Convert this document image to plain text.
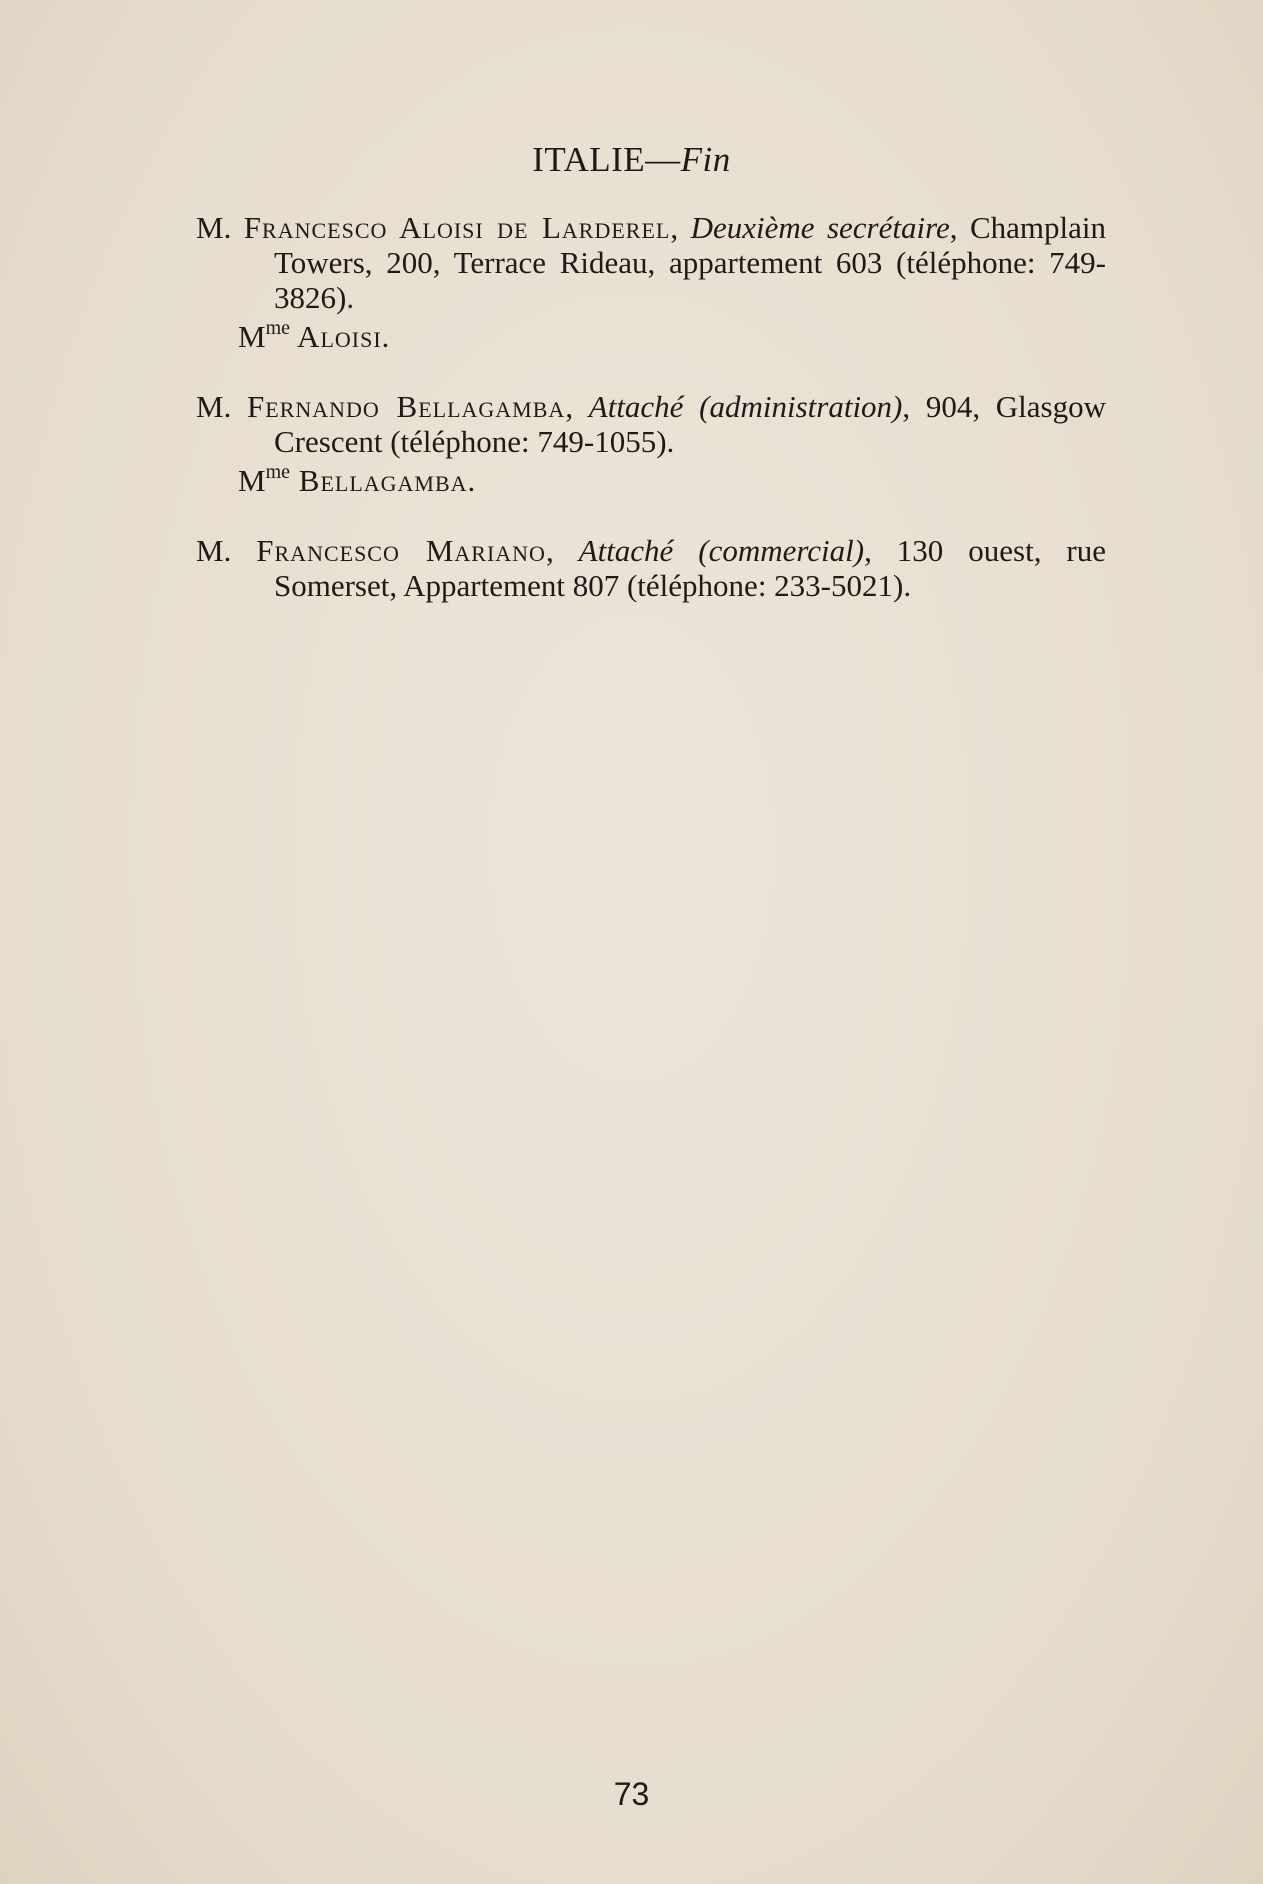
ITALIE—Fin

M. Francesco Aloisi de Larderel, Deuxième secrétaire, Champlain Towers, 200, Terrace Rideau, appartement 603 (téléphone: 749-3826).

$M^{me}$ Aloisi.

M. Fernando Bellagamba, Attaché (administration), 904, Glasgow Crescent (téléphone: 749-1055).

$M^{me}$ Bellagamba.

M. Francesco Mariano, Attaché (commercial), 130 ouest, rue Somerset, Appartement 807 (téléphone: 233-5021).

73
